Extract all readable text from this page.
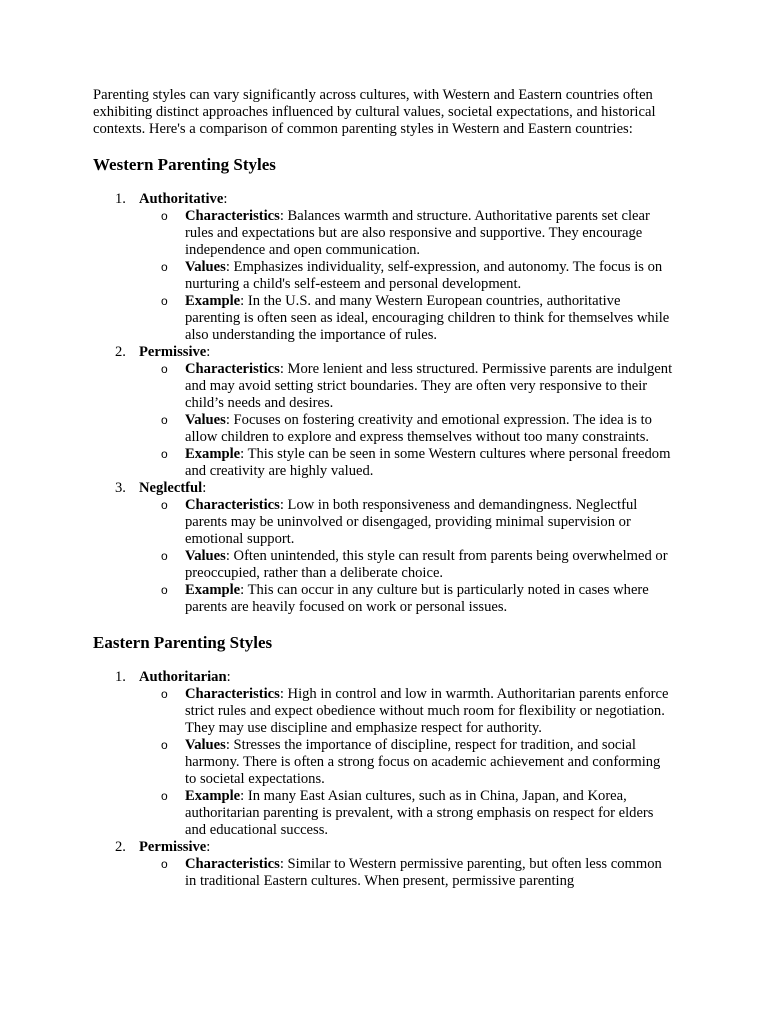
Parenting styles can vary significantly across cultures, with Western and Eastern countries often exhibiting distinct approaches influenced by cultural values, societal expectations, and historical contexts. Here's a comparison of common parenting styles in Western and Eastern countries:

Western Parenting Styles
1. Authoritative:
o Characteristics: Balances warmth and structure. Authoritative parents set clear rules and expectations but are also responsive and supportive. They encourage independence and open communication.
o Values: Emphasizes individuality, self-expression, and autonomy. The focus is on nurturing a child's self-esteem and personal development.
o Example: In the U.S. and many Western European countries, authoritative parenting is often seen as ideal, encouraging children to think for themselves while also understanding the importance of rules.
2. Permissive:
o Characteristics: More lenient and less structured. Permissive parents are indulgent and may avoid setting strict boundaries. They are often very responsive to their child’s needs and desires.
o Values: Focuses on fostering creativity and emotional expression. The idea is to allow children to explore and express themselves without too many constraints.
o Example: This style can be seen in some Western cultures where personal freedom and creativity are highly valued.
3. Neglectful:
o Characteristics: Low in both responsiveness and demandingness. Neglectful parents may be uninvolved or disengaged, providing minimal supervision or emotional support.
o Values: Often unintended, this style can result from parents being overwhelmed or preoccupied, rather than a deliberate choice.
o Example: This can occur in any culture but is particularly noted in cases where parents are heavily focused on work or personal issues.
Eastern Parenting Styles
1. Authoritarian:
o Characteristics: High in control and low in warmth. Authoritarian parents enforce strict rules and expect obedience without much room for flexibility or negotiation. They may use discipline and emphasize respect for authority.
o Values: Stresses the importance of discipline, respect for tradition, and social harmony. There is often a strong focus on academic achievement and conforming to societal expectations.
o Example: In many East Asian cultures, such as in China, Japan, and Korea, authoritarian parenting is prevalent, with a strong emphasis on respect for elders and educational success.
2. Permissive:
o Characteristics: Similar to Western permissive parenting, but often less common in traditional Eastern cultures. When present, permissive parenting
